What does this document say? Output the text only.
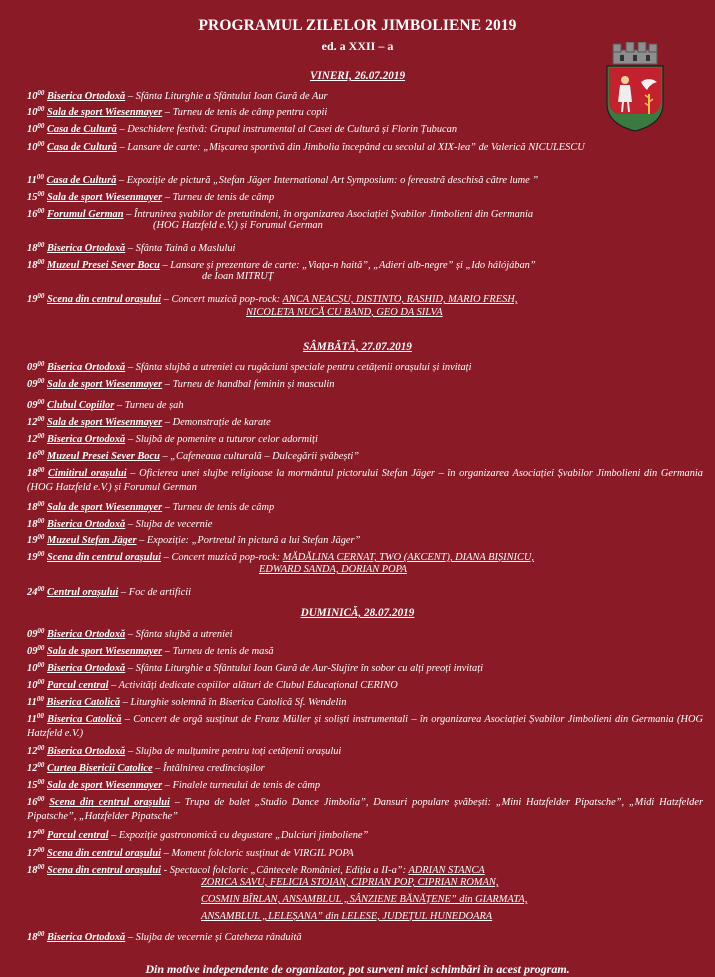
PROGRAMUL ZILELOR JIMBOLIENE 2019
ed. a XXII – a
VINERI, 26.07.2019
$10^{00}$ Biserica Ortodoxă – Sfânta Liturghie a Sfântului Ioan Gură de Aur
$10^{00}$ Sala de sport Wiesenmayer – Turneu de tenis de câmp pentru copii
$10^{00}$ Casa de Cultură – Deschidere festivă: Grupul instrumental al Casei de Cultură și Florin Țubucan
$10^{00}$ Casa de Cultură – Lansare de carte: „Mișcarea sportivă din Jimbolia începând cu secolul al XIX-lea” de Valerică NICULESCU
$11^{00}$ Casa de Cultură – Expoziție de pictură „Stefan Jäger International Art Symposium: o fereastră deschisă către lume ”
$15^{00}$ Sala de sport Wiesenmayer – Turneu de tenis de câmp
$16^{00}$ Forumul German – Întrunirea șvabilor de pretutindeni, în organizarea Asociației Șvabilor Jimbolieni din Germania
(HOG Hatzfeld e.V.) și Forumul German
$18^{00}$ Biserica Ortodoxă – Sfânta Taină a Maslului
$18^{00}$ Muzeul Presei Sever Bocu – Lansare și prezentare de carte: „Viața-n haită”, „Adieri alb-negre” și „Ido hálójában”
de Ioan MITRUȚ
$19^{00}$ Scena din centrul orașului – Concert muzică pop-rock: ANCA NEACȘU, DISTINTO, RASHID, MARIO FRESH,
NICOLETA NUCĂ CU BAND, GEO DA SILVA
SÂMBĂTĂ, 27.07.2019
$09^{00}$ Biserica Ortodoxă – Sfânta slujbă a utreniei cu rugăciuni speciale pentru cetățenii orașului și invitați
$09^{00}$ Sala de sport Wiesenmayer – Turneu de handbal feminin și masculin
$09^{00}$ Clubul Copiilor – Turneu de șah
$12^{00}$ Sala de sport Wiesenmayer – Demonstrație de karate
$12^{00}$ Biserica Ortodoxă – Slujbă de pomenire a tuturor celor adormiți
$16^{00}$ Muzeul Presei Sever Bocu – „Cafeneaua culturală – Dulcegării șvăbești”
$18^{00}$ Cimitirul orașului – Oficierea unei slujbe religioase la mormântul pictorului Stefan Jäger – în organizarea Asociației Șvabilor Jimbolieni din Germania (HOG Hatzfeld e.V.) și Forumul German
$18^{00}$ Sala de sport Wiesenmayer – Turneu de tenis de câmp
$18^{00}$ Biserica Ortodoxă – Slujba de vecernie
$19^{00}$ Muzeul Stefan Jäger – Expoziție: „Portretul în pictură a lui Stefan Jäger”
$19^{00}$ Scena din centrul orașului – Concert muzică pop-rock: MĂDĂLINA CERNAT, TWO (AKCENT), DIANA BIȘINICU,
EDWARD SANDA, DORIAN POPA
$24^{00}$ Centrul orașului – Foc de artificii
DUMINICĂ, 28.07.2019
$09^{00}$ Biserica Ortodoxă – Sfânta slujbă a utreniei
$09^{00}$ Sala de sport Wiesenmayer – Turneu de tenis de masă
$10^{00}$ Biserica Ortodoxă – Sfânta Liturghie a Sfântului Ioan Gură de Aur-Slujire în sobor cu alți preoți invitați
$10^{00}$ Parcul central – Activități dedicate copiilor alături de Clubul Educațional CERINO
$11^{00}$ Biserica Catolică – Liturghie solemnă în Biserica Catolică Sf. Wendelin
$11^{00}$ Biserica Catolică – Concert de orgă susținut de Franz Müller și soliști instrumentali – în organizarea Asociației Șvabilor Jimbolieni din Germania (HOG Hatzfeld e.V.)
$12^{00}$ Biserica Ortodoxă – Slujba de mulțumire pentru toți cetățenii orașului
$12^{00}$ Curtea Bisericii Catolice – Întâlnirea credincioșilor
$15^{00}$ Sala de sport Wiesenmayer – Finalele turneului de tenis de câmp
$16^{00}$ Scena din centrul orașului – Trupa de balet „Studio Dance Jimbolia”, Dansuri populare șvăbești: „Mini Hatzfelder Pipatsche”, „Midi Hatzfelder Pipatsche”, „Hatzfelder Pipatsche”
$17^{00}$ Parcul central – Expoziție gastronomică cu degustare „Dulciuri jimboliene”
$17^{00}$ Scena din centrul orașului – Moment folcloric susținut de VIRGIL POPA
$18^{00}$ Scena din centrul orașului - Spectacol folcloric „Cântecele României, Ediția a II-a”: ADRIAN STANCA
ZORICA SAVU, FELICIA STOIAN, CIPRIAN POP, CIPRIAN ROMAN,
COSMIN BÎRLAN, ANSAMBLUL „SÂNZIENE BĂNĂȚENE” din GIARMATA,
ANSAMBLUL „LELEȘANA” din LELESE, JUDEȚUL HUNEDOARA
$18^{00}$ Biserica Ortodoxă – Slujba de vecernie și Cateheza rânduită
Din motive independente de organizator, pot surveni mici schimbări în acest program.
